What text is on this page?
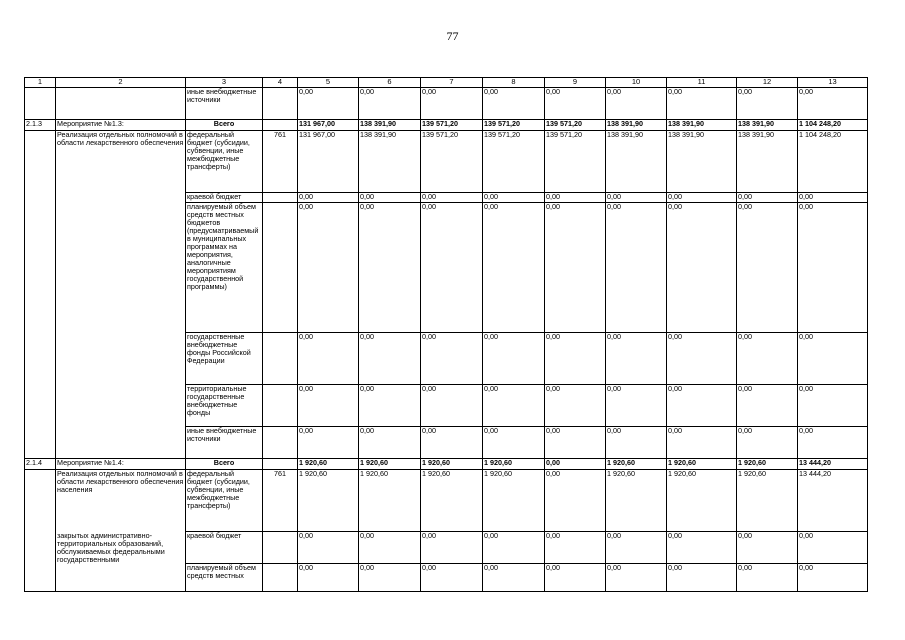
77
1	2	3	4	5	6	7	8	9	10	11	12	13
		иные внебюджетные источники		0,00	0,00	0,00	0,00	0,00	0,00	0,00	0,00	0,00
2.1.3	Мероприятие №1.3:	Всего		131 967,00	138 391,90	139 571,20	139 571,20	139 571,20	138 391,90	138 391,90	138 391,90	1 104 248,20
	Реализация отдельных полномочий в области лекарственного обеспечения	федеральный бюджет (субсидии, субвенции, иные межбюджетные трансферты)	761	131 967,00	138 391,90	139 571,20	139 571,20	139 571,20	138 391,90	138 391,90	138 391,90	1 104 248,20
		краевой бюджет		0,00	0,00	0,00	0,00	0,00	0,00	0,00	0,00	0,00
		планируемый объем средств местных бюджетов (предусматриваемый в муниципальных программах на мероприятия, аналогичные мероприятиям государственной программы)		0,00	0,00	0,00	0,00	0,00	0,00	0,00	0,00	0,00
		государственные внебюджетные фонды Российской Федерации		0,00	0,00	0,00	0,00	0,00	0,00	0,00	0,00	0,00
		территориальные государственные внебюджетные фонды		0,00	0,00	0,00	0,00	0,00	0,00	0,00	0,00	0,00
		иные внебюджетные источники		0,00	0,00	0,00	0,00	0,00	0,00	0,00	0,00	0,00
2.1.4	Мероприятие №1.4:	Всего		1 920,60	1 920,60	1 920,60	1 920,60	0,00	1 920,60	1 920,60	1 920,60	13 444,20
	Реализация отдельных полномочий в области лекарственного обеспечения населения	федеральный бюджет (субсидии, субвенции, иные межбюджетные трансферты)	761	1 920,60	1 920,60	1 920,60	1 920,60	0,00	1 920,60	1 920,60	1 920,60	13 444,20
	закрытых административно-территориальных образований, обслуживаемых федеральными государственными	краевой бюджет		0,00	0,00	0,00	0,00	0,00	0,00	0,00	0,00	0,00
		планируемый объем средств местных		0,00	0,00	0,00	0,00	0,00	0,00	0,00	0,00	0,00
